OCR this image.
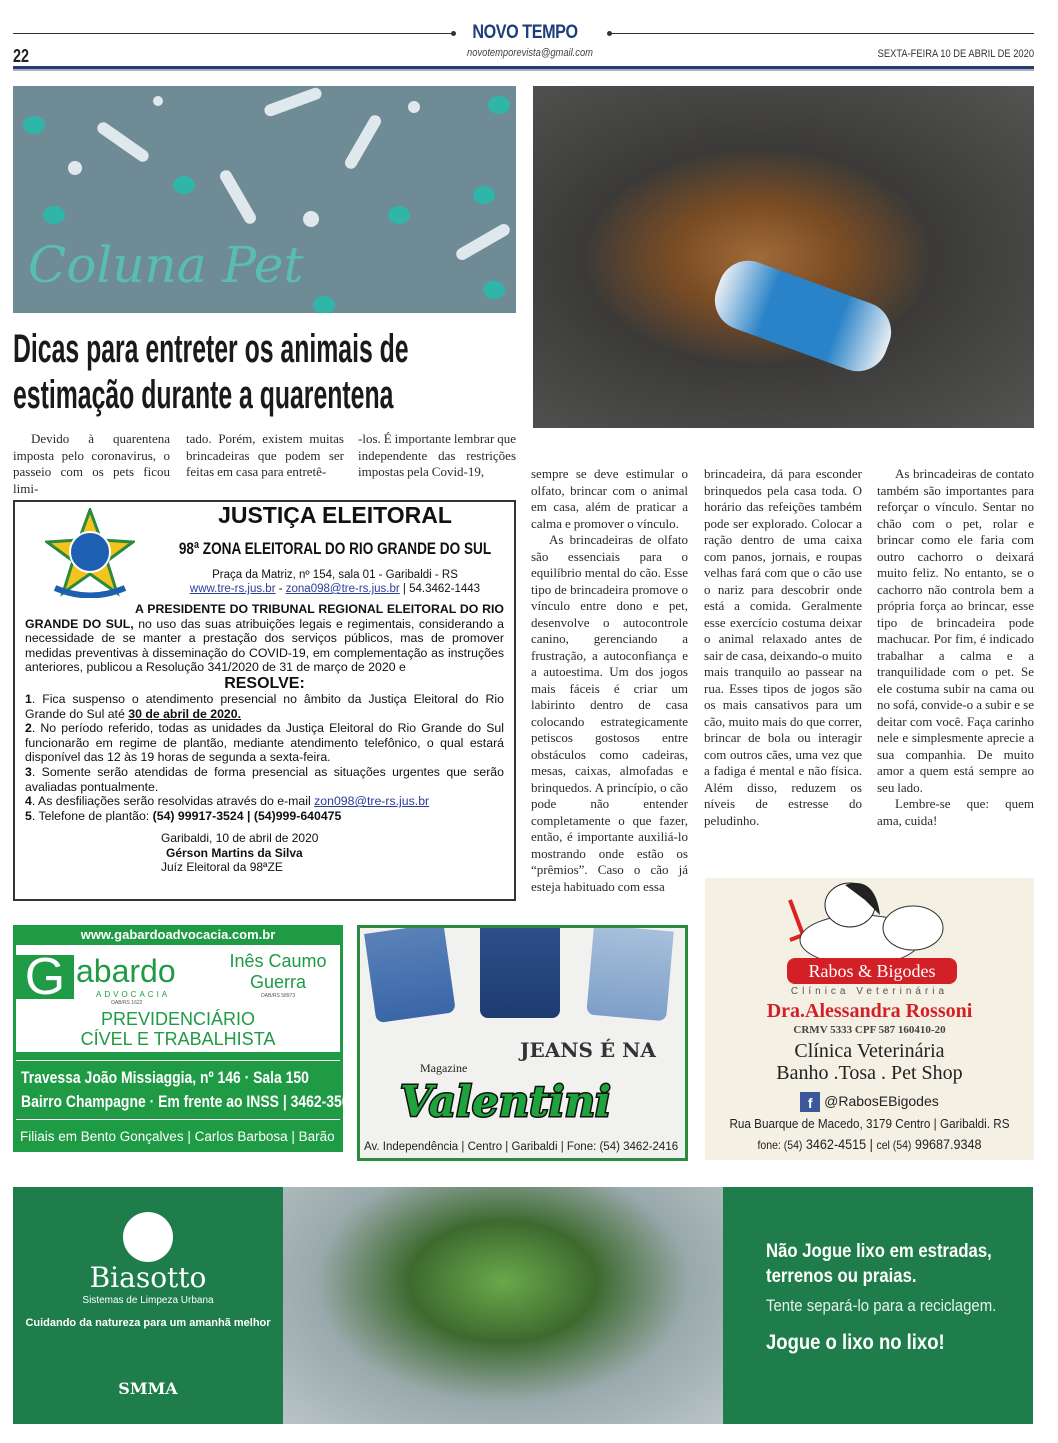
NOVO TEMPO
22	novotemporevista@gmail.com	SEXTA-FEIRA 10 DE ABRIL DE 2020
Coluna Pet
Dicas para entreter os animais de estimação durante a quarentena

Devido à quarentena imposta pelo coronavirus, o passeio com os pets ficou limi-

tado. Porém, existem muitas brincadeiras que podem ser feitas em casa para entretê-

-los. É importante lembrar que independente das restrições impostas pela Covid-19,	sempre se deve estimular o olfato, brincar com o animal em casa, além de praticar a calma e promover o vínculo.

As brincadeiras de olfato são essenciais para o equilíbrio mental do cão. Esse tipo de brincadeira promove o vínculo entre dono e pet, desenvolve o autocontrole canino, gerenciando a frustração, a autoconfiança e a autoestima. Um dos jogos mais fáceis é criar um labirinto dentro de casa colocando estrategicamente petiscos gostosos entre obstáculos como cadeiras, mesas, caixas, almofadas e brinquedos. A princípio, o cão pode não entender completamente o que fazer, então, é importante auxiliá-lo mostrando onde estão os “prêmios”. Caso o cão já esteja habituado com essa

brincadeira, dá para esconder brinquedos pela casa toda. O horário das refeições também pode ser explorado. Colocar a ração dentro de uma caixa com panos, jornais, e roupas velhas fará com que o cão use o nariz para descobrir onde está a comida. Geralmente esse exercício costuma deixar o animal relaxado antes de sair de casa, deixando-o muito mais tranquilo ao passear na rua. Esses tipos de jogos são os mais cansativos para um cão, muito mais do que correr, brincar de bola ou interagir com outros cães, uma vez que a fadiga é mental e não física. Além disso, reduzem os níveis de estresse do peludinho.

As brincadeiras de contato também são importantes para reforçar o vínculo. Sentar no chão com o pet, rolar e brincar como ele faria com outro cachorro o deixará muito feliz. No entanto, se o cachorro não controla bem a própria força ao brincar, esse tipo de brincadeira pode machucar. Por fim, é indicado trabalhar a calma e a tranquilidade com o pet. Se ele costuma subir na cama ou no sofá, convide-o a subir e se deitar com você. Faça carinho nele e simplesmente aprecie a sua companhia. De muito amor a quem está sempre ao seu lado.

Lembre-se que: quem ama, cuida!

JUSTIÇA ELEITORAL
98ª ZONA ELEITORAL DO RIO GRANDE DO SUL
Praça da Matriz, nº 154, sala 01 - Garibaldi - RS
www.tre-rs.jus.br - zona098@tre-rs.jus.br | 54.3462-1443
A PRESIDENTE DO TRIBUNAL REGIONAL ELEITORAL DO RIO GRANDE DO SUL, no uso das suas atribuições legais e regimentais, considerando a necessidade de se manter a prestação dos serviços públicos, mas de promover medidas preventivas à disseminação do COVID-19, em complementação as instruções anteriores, publicou a Resolução 341/2020 de 31 de março de 2020 e
RESOLVE:
1. Fica suspenso o atendimento presencial no âmbito da Justiça Eleitoral do Rio Grande do Sul até 30 de abril de 2020.
2. No período referido, todas as unidades da Justiça Eleitoral do Rio Grande do Sul funcionarão em regime de plantão, mediante atendimento telefônico, o qual estará disponível das 12 às 19 horas de segunda a sexta-feira.
3. Somente serão atendidas de forma presencial as situações urgentes que serão avaliadas pontualmente.
4. As desfiliações serão resolvidas através do e-mail zon098@tre-rs.jus.br
5. Telefone de plantão: (54) 99917-3524 | (54)999-640475
Garibaldi, 10 de abril de 2020
Gérson Martins da Silva
Juíz Eleitoral da 98ªZE
www.gabardoadvocacia.com.br
G abardo
ADVOCACIA
OAB/RS 1622
Inês Caumo
Guerra
OAB/RS 58973
PREVIDENCIÁRIO
CÍVEL E TRABALHISTA
Travessa João Missiaggia, nº 146 · Sala 150
Bairro Champagne · Em frente ao INSS | 3462-3508
Filiais em Bento Gonçalves | Carlos Barbosa | Barão
JEANS É NA
Magazine
Valentini
Av. Independência | Centro | Garibaldi | Fone: (54) 3462-2416
Rabos & Bigodes
Clínica Veterinária
Dra.Alessandra Rossoni
CRMV 5333 CPF 587 160410-20
Clínica Veterinária
Banho .Tosa . Pet Shop
f @RabosEBigodes
Rua Buarque de Macedo, 3179 Centro | Garibaldi. RS
fone: (54) 3462-4515 | cel (54) 99687.9348
Biasotto
Sistemas de Limpeza Urbana
Cuidando da natureza para um amanhã melhor
SMMA
Não Jogue lixo em estradas, terrenos ou praias.
Tente separá-lo para a reciclagem.
Jogue o lixo no lixo!
